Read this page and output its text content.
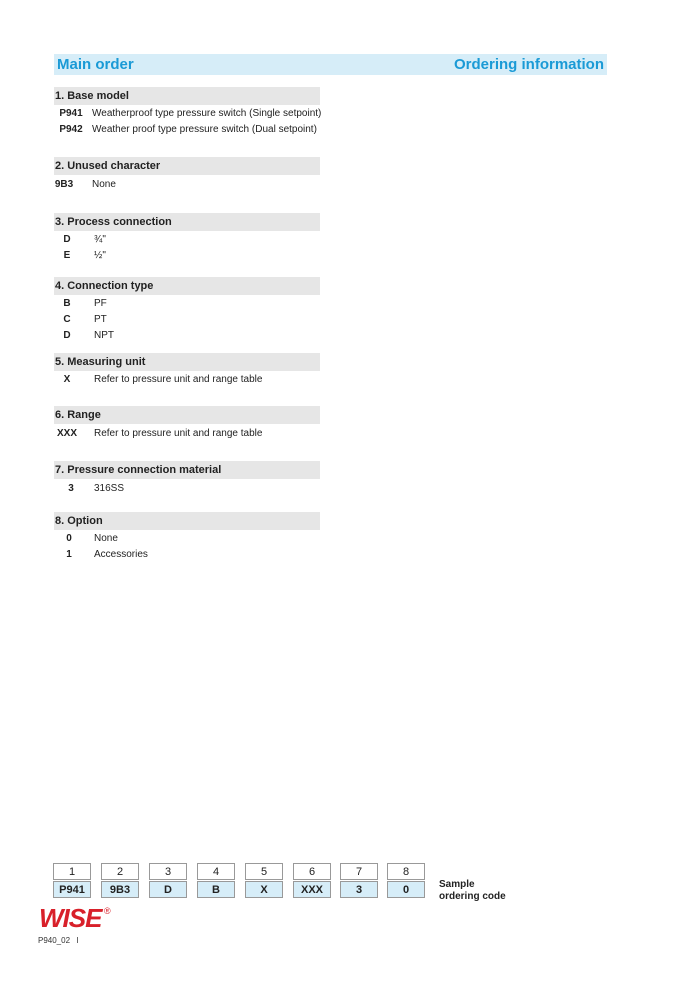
Main order	Ordering information
1. Base model
P941 Weatherproof type pressure switch (Single setpoint)
P942 Weather proof type pressure switch (Dual setpoint)
2. Unused character
9B3 None
3. Process connection
D	¾"
E	½"
4. Connection type
B	PF
C	PT
D	NPT
5. Measuring unit
X	Refer to pressure unit and range table
6. Range
XXX	Refer to pressure unit and range table
7. Pressure connection material
3	316SS
8. Option
0	None
1	Accessories
1	2	3	4	5	6	7	8
P941	9B3	D	B	X	XXX	3	0	Sample
ordering code
WISE ®
P940_02 I
